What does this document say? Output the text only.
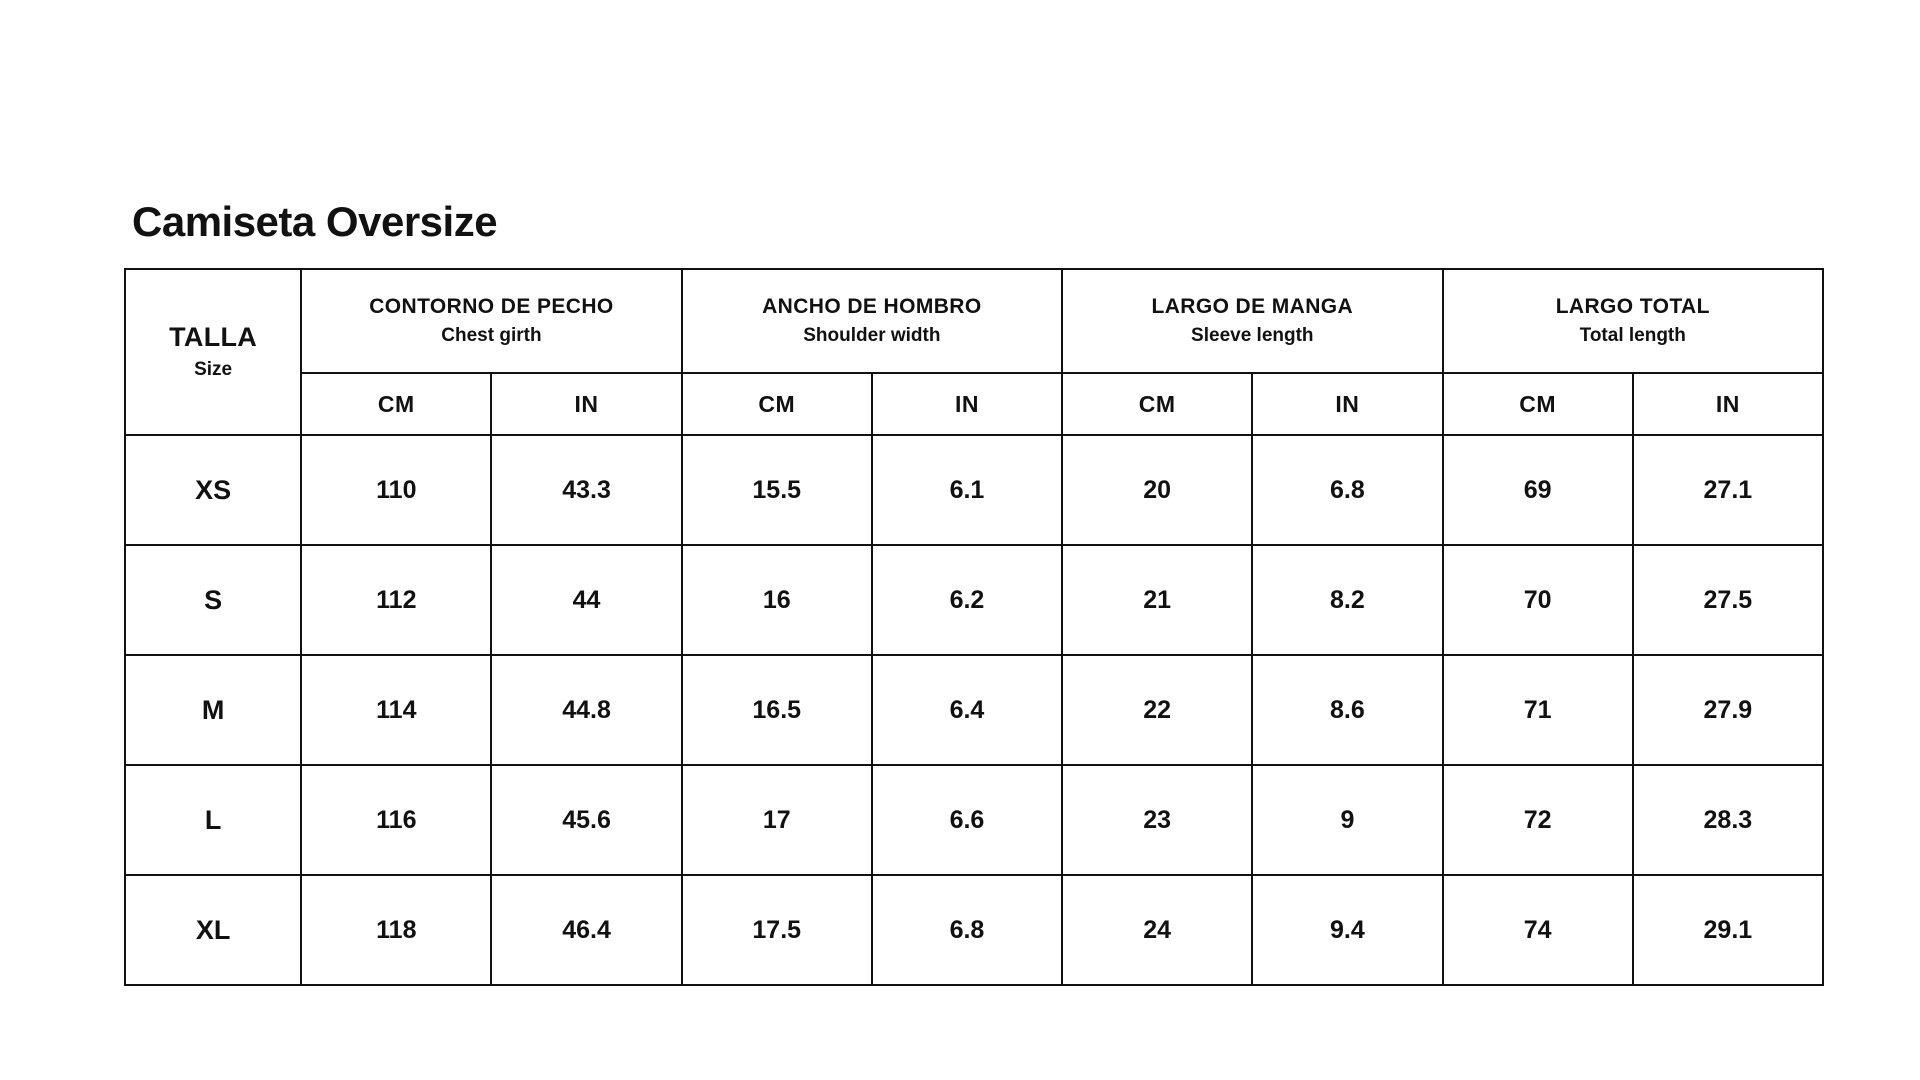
Camiseta Oversize
TALLA
Size

CONTORNO DE PECHO
Chest girth

ANCHO DE HOMBRO
Shoulder width

LARGO DE MANGA
Sleeve length

LARGO TOTAL
Total length

	CM	IN	CM	IN	CM	IN	CM	IN
XS	110	43.3	15.5	6.1	20	6.8	69	27.1
S	112	44	16	6.2	21	8.2	70	27.5
M	114	44.8	16.5	6.4	22	8.6	71	27.9
L	116	45.6	17	6.6	23	9	72	28.3
XL	118	46.4	17.5	6.8	24	9.4	74	29.1
